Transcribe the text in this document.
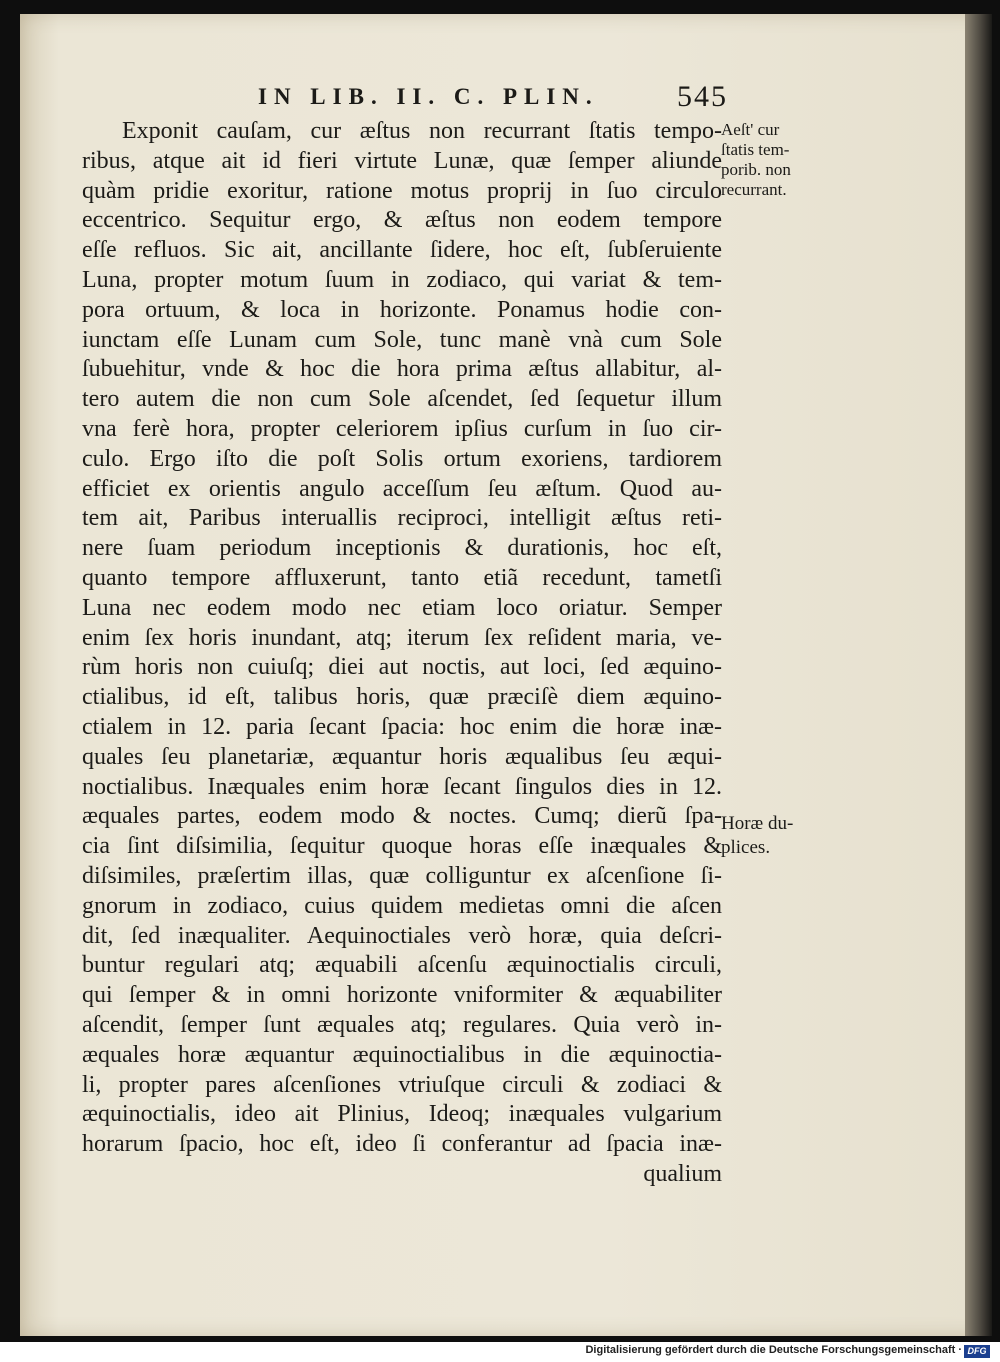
IN LIB. II. C. PLIN.	545
Exponit cauſam, cur æſtus non recurrant ſtatis tempo-
ribus, atque ait id fieri virtute Lunæ, quæ ſemper aliunde
quàm pridie exoritur, ratione motus proprij in ſuo circulo
eccentrico. Sequitur ergo, & æſtus non eodem tempore
eſſe refluos. Sic ait, ancillante ſidere, hoc eſt, ſubſeruiente
Luna, propter motum ſuum in zodiaco, qui variat & tem-
pora ortuum, & loca in horizonte. Ponamus hodie con-
iunctam eſſe Lunam cum Sole, tunc manè vnà cum Sole
ſubuehitur, vnde & hoc die hora prima æſtus allabitur, al-
tero autem die non cum Sole aſcendet, ſed ſequetur illum
vna ferè hora, propter celeriorem ipſius curſum in ſuo cir-
culo. Ergo iſto die poſt Solis ortum exoriens, tardiorem
efficiet ex orientis angulo acceſſum ſeu æſtum. Quod au-
tem ait, Paribus interuallis reciproci, intelligit æſtus reti-
nere ſuam periodum inceptionis & durationis, hoc eſt,
quanto tempore affluxerunt, tanto etiã recedunt, tametſi
Luna nec eodem modo nec etiam loco oriatur. Semper
enim ſex horis inundant, atq; iterum ſex reſident maria, ve-
rùm horis non cuiuſq; diei aut noctis, aut loci, ſed æquino-
ctialibus, id eſt, talibus horis, quæ præciſè diem æquino-
ctialem in 12. paria ſecant ſpacia: hoc enim die horæ inæ-
quales ſeu planetariæ, æquantur horis æqualibus ſeu æqui-
noctialibus. Inæquales enim horæ ſecant ſingulos dies in 12.
æquales partes, eodem modo & noctes. Cumq; dierũ ſpa-
cia ſint diſsimilia, ſequitur quoque horas eſſe inæquales &
diſsimiles, præſertim illas, quæ colliguntur ex aſcenſione ſi-
gnorum in zodiaco, cuius quidem medietas omni die aſcen
dit, ſed inæqualiter. Aequinoctiales verò horæ, quia deſcri-
buntur regulari atq; æquabili aſcenſu æquinoctialis circuli,
qui ſemper & in omni horizonte vniformiter & æquabiliter
aſcendit, ſemper ſunt æquales atq; regulares. Quia verò in-
æquales horæ æquantur æquinoctialibus in die æquinoctia-
li, propter pares aſcenſiones vtriuſque circuli & zodiaci &
æquinoctialis, ideo ait Plinius, Ideoq; inæquales vulgarium
horarum ſpacio, hoc eſt, ideo ſi conferantur ad ſpacia inæ-
qualium
Aeſt' cur
ſtatis tem-
porib. non
recurrant.
Horæ du-
plices.
Digitalisierung gefördert durch die Deutsche Forschungsgemeinschaft · DFG
